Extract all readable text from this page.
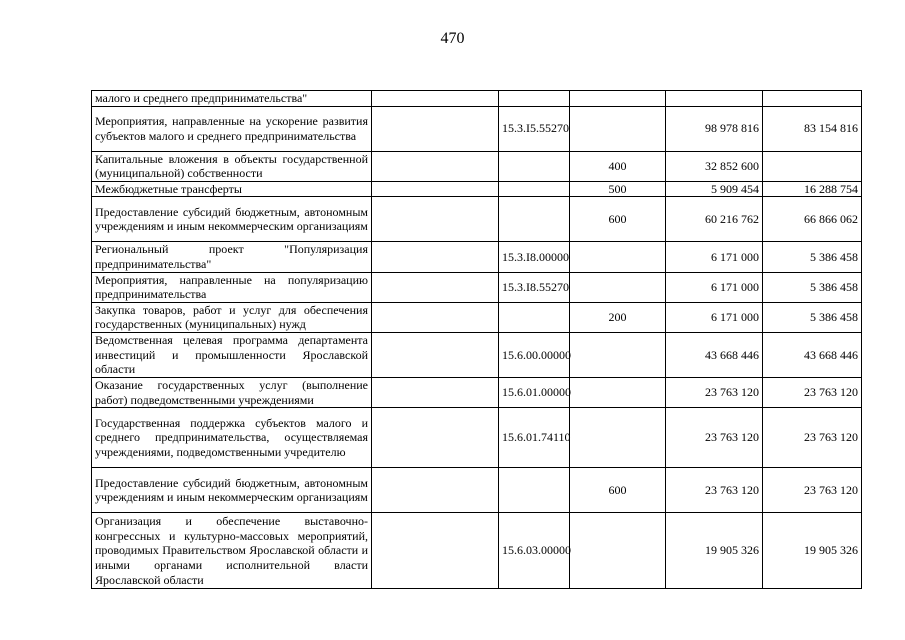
470
малого и среднего предпринимательства"					
Мероприятия, направленные на ускорение развития субъектов малого и среднего предпринимательства		15.3.I5.55270		98 978 816	83 154 816
Капитальные вложения в объекты государственной (муниципальной) собственности			400	32 852 600	
Межбюджетные трансферты			500	5 909 454	16 288 754
Предоставление субсидий бюджетным, автономным учреждениям и иным некоммерческим организациям			600	60 216 762	66 866 062
Региональный проект "Популяризация предпринимательства"		15.3.I8.00000		6 171 000	5 386 458
Мероприятия, направленные на популяризацию предпринимательства		15.3.I8.55270		6 171 000	5 386 458
Закупка товаров, работ и услуг для обеспечения государственных (муниципальных) нужд			200	6 171 000	5 386 458
Ведомственная целевая программа департамента инвестиций и промышленности Ярославской области		15.6.00.00000		43 668 446	43 668 446
Оказание государственных услуг (выполнение работ) подведомственными учреждениями		15.6.01.00000		23 763 120	23 763 120
Государственная поддержка субъектов малого и среднего предпринимательства, осуществляемая учреждениями, подведомственными учредителю		15.6.01.74110		23 763 120	23 763 120
Предоставление субсидий бюджетным, автономным учреждениям и иным некоммерческим организациям			600	23 763 120	23 763 120
Организация и обеспечение выставочно-конгрессных и культурно-массовых мероприятий, проводимых Правительством Ярославской области и иными органами исполнительной власти Ярославской области		15.6.03.00000		19 905 326	19 905 326
